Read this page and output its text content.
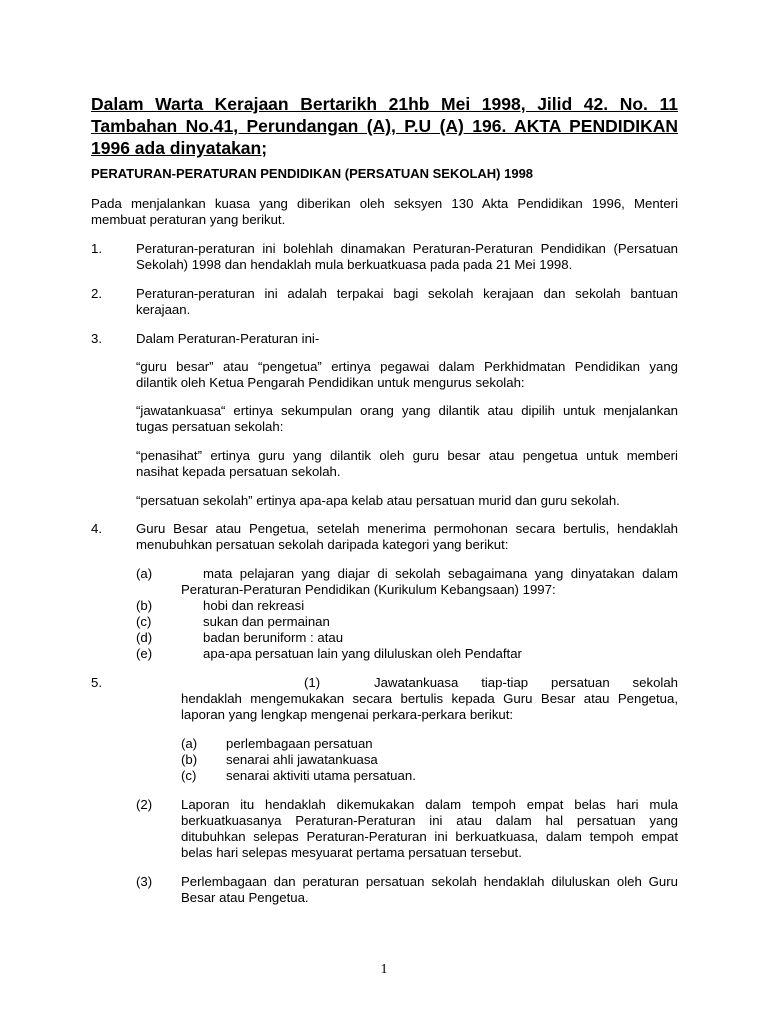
Dalam Warta Kerajaan Bertarikh 21hb Mei 1998, Jilid 42. No. 11
Tambahan No.41, Perundangan (A), P.U (A) 196. AKTA PENDIDIKAN
1996 ada dinyatakan;
PERATURAN-PERATURAN PENDIDIKAN (PERSATUAN SEKOLAH) 1998
Pada menjalankan kuasa yang diberikan oleh seksyen 130 Akta Pendidikan 1996, Menteri
membuat peraturan yang berikut.
1.	Peraturan-peraturan ini bolehlah dinamakan Peraturan-Peraturan Pendidikan (Persatuan
Sekolah) 1998 dan hendaklah mula berkuatkuasa pada pada 21 Mei 1998.
2.	Peraturan-peraturan ini adalah terpakai bagi sekolah kerajaan dan sekolah bantuan
kerajaan.
3.	Dalam Peraturan-Peraturan ini-
“guru besar” atau “pengetua” ertinya pegawai dalam Perkhidmatan Pendidikan yang
dilantik oleh Ketua Pengarah Pendidikan untuk mengurus sekolah:
“jawatankuasa“ ertinya sekumpulan orang yang dilantik atau dipilih untuk menjalankan
tugas persatuan sekolah:
“penasihat” ertinya guru yang dilantik oleh guru besar atau pengetua untuk memberi
nasihat kepada persatuan sekolah.
“persatuan sekolah” ertinya apa-apa kelab atau persatuan murid dan guru sekolah.
4.	Guru Besar atau Pengetua, setelah menerima permohonan secara bertulis, hendaklah
menubuhkan persatuan sekolah daripada kategori yang berikut:
(a)	mata pelajaran yang diajar di sekolah sebagaimana yang dinyatakan dalam
Peraturan-Peraturan Pendidikan (Kurikulum Kebangsaan) 1997:
(b)	hobi dan rekreasi
(c)	sukan dan permainan
(d)	badan beruniform : atau
(e)	apa-apa persatuan lain yang diluluskan oleh Pendaftar
5.	(1)	Jawatankuasa tiap-tiap persatuan sekolah
hendaklah mengemukakan secara bertulis kepada Guru Besar atau Pengetua,
laporan yang lengkap mengenai perkara-perkara berikut:
(a) perlembagaan persatuan
(b) senarai ahli jawatankuasa
(c) senarai aktiviti utama persatuan.
(2) Laporan itu hendaklah dikemukakan dalam tempoh empat belas hari mula
berkuatkuasanya Peraturan-Peraturan ini atau dalam hal persatuan yang
ditubuhkan selepas Peraturan-Peraturan ini berkuatkuasa, dalam tempoh empat
belas hari selepas mesyuarat pertama persatuan tersebut.
(3) Perlembagaan dan peraturan persatuan sekolah hendaklah diluluskan oleh Guru
Besar atau Pengetua.
1
